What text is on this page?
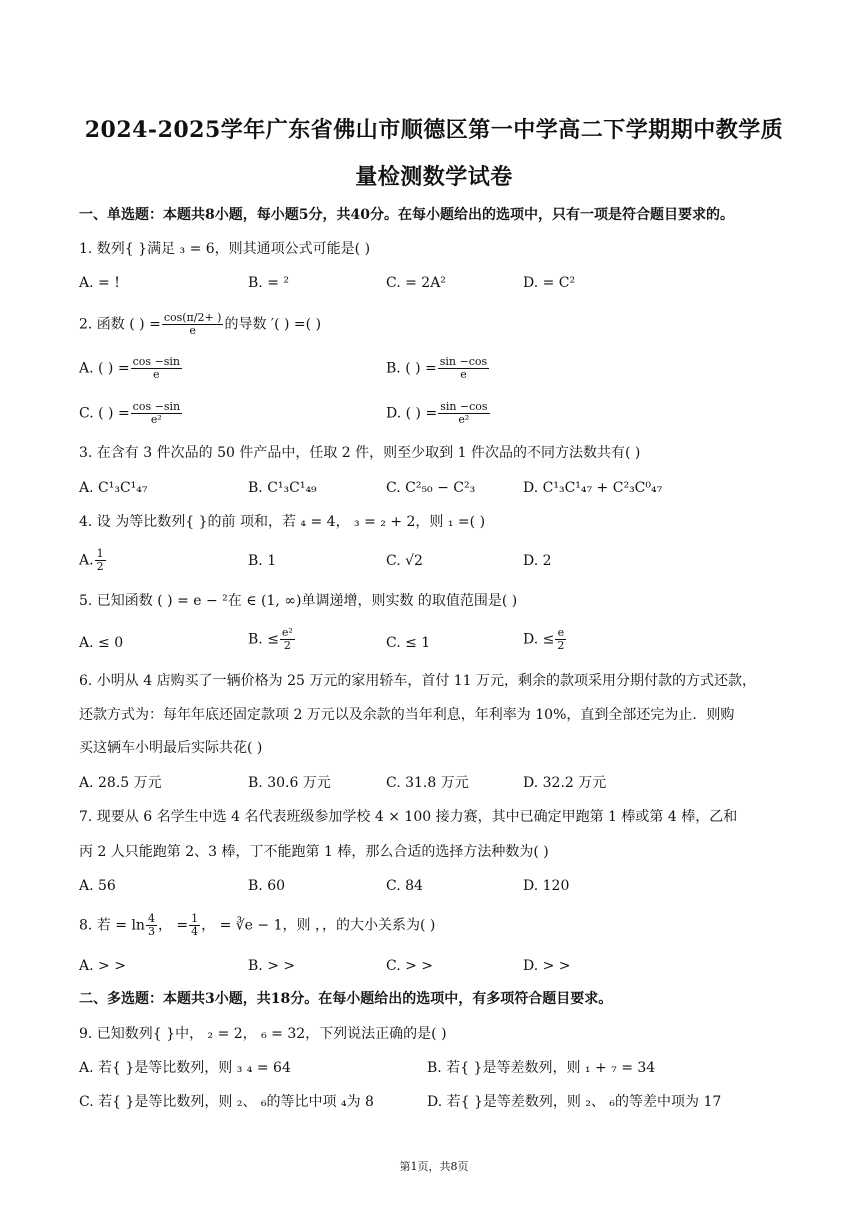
2024-2025学年广东省佛山市顺德区第一中学高二下学期期中教学质
量检测数学试卷
一、单选题：本题共8小题，每小题5分，共40分。在每小题给出的选项中，只有一项是符合题目要求的。
1. 数列{ }满足 ₃ = 6，则其通项公式可能是( )
A. = !	B. = ²	C. = 2A²	D. = C²
2. 函数 ( ) = $\frac{\cos(\pi/2+ )}{e}$ 的导数 ′( ) =( )
A. ( ) = $\frac{\cos -\sin}{e}$	B. ( ) = $\frac{\sin -\cos}{e}$
C. ( ) = $\frac{\cos -\sin}{\text{e²}}$	D. ( ) = $\frac{\sin -\cos}{\text{e²}}$
3. 在含有 3 件次品的 50 件产品中，任取 2 件，则至少取到 1 件次品的不同方法数共有( )
A. C¹₃C¹₄₇	B. C¹₃C¹₄₉	C. C²₅₀ − C²₃	D. C¹₃C¹₄₇ + C²₃C⁰₄₇
4. 设 为等比数列{ }的前 项和，若 ₄ = 4， ₃ = ₂ + 2，则 ₁ =( )
A. $\frac{1}{2}$	B. 1	C. √2	D. 2
5. 已知函数 ( ) = e − ²在 ∈ (1, ∞)单调递增，则实数 的取值范围是( )
A. ≤ 0	B. ≤ $\frac{\text{e²}}{2}$	C. ≤ 1	D. ≤ $\frac{e}{2}$
6. 小明从 4 店购买了一辆价格为 25 万元的家用轿车，首付 11 万元，剩余的款项采用分期付款的方式还款，
还款方式为：每年年底还固定款项 2 万元以及余款的当年利息，年利率为 10%，直到全部还完为止．则购
买这辆车小明最后实际共花( )
A. 28.5 万元	B. 30.6 万元	C. 31.8 万元	D. 32.2 万元
7. 现要从 6 名学生中选 4 名代表班级参加学校 4 × 100 接力赛，其中已确定甲跑第 1 棒或第 4 棒，乙和
丙 2 人只能跑第 2、3 棒，丁不能跑第 1 棒，那么合适的选择方法种数为( )
A. 56	B. 60	C. 84	D. 120
8. 若 = $\ln \frac{4}{3}$ ， = $\frac{1}{4}$ ， = ∛e − 1，则 ，，的大小关系为( )
A. > >	B. > >	C. > >	D. > >
二、多选题：本题共3小题，共18分。在每小题给出的选项中，有多项符合题目要求。
9. 已知数列{ }中， ₂ = 2， ₆ = 32，下列说法正确的是( )
A. 若{ }是等比数列，则 ₃ ₄ = 64	B. 若{ }是等差数列，则 ₁ + ₇ = 34
C. 若{ }是等比数列，则 ₂、 ₆的等比中项 ₄为 8	D. 若{ }是等差数列，则 ₂、 ₆的等差中项为 17
第1页，共8页
